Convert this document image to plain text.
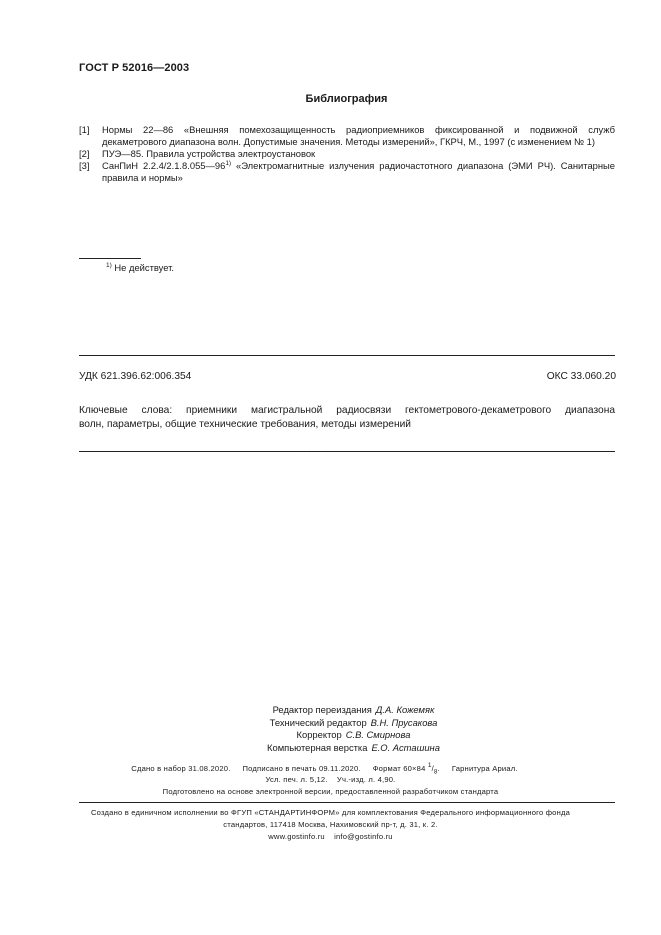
ГОСТ Р 52016—2003
Библиография
[1] Нормы 22—86 «Внешняя помехозащищенность радиоприемников фиксированной и подвижной служб декаметрового диапазона волн. Допустимые значения. Методы измерений», ГКРЧ, М., 1997 (с изменением № 1)
[2] ПУЭ—85. Правила устройства электроустановок
[3] СанПиН 2.2.4/2.1.8.055—96$^{1)}$ «Электромагнитные излучения радиочастотного диапазона (ЭМИ РЧ). Санитарные правила и нормы»
$^{1)}$ Не действует.
· · ·
УДК 621.396.62:006.354	ОКС 33.060.20
Ключевые слова: приемники магистральной радиосвязи гектометрового-декаметрового диапазона
волн, параметры, общие технические требования, методы измерений
· · · ·
Редактор переиздания Д.А. Кожемяк
Технический редактор В.Н. Прусакова
Корректор С.В. Смирнова
Компьютерная верстка Е.О. Асташина
Сдано в набор 31.08.2020. Подписано в печать 09.11.2020. Формат 60×84 $^1/_8$. Гарнитура Ариал.
Усл. печ. л. 5,12. Уч.-изд. л. 4,90.
Подготовлено на основе электронной версии, предоставленной разработчиком стандарта
Создано в единичном исполнении во ФГУП «СТАНДАРТИНФОРМ» для комплектования Федерального информационного фонда
стандартов, 117418 Москва, Нахимовский пр-т, д. 31, к. 2.
www.gostinfo.ru info@gostinfo.ru
